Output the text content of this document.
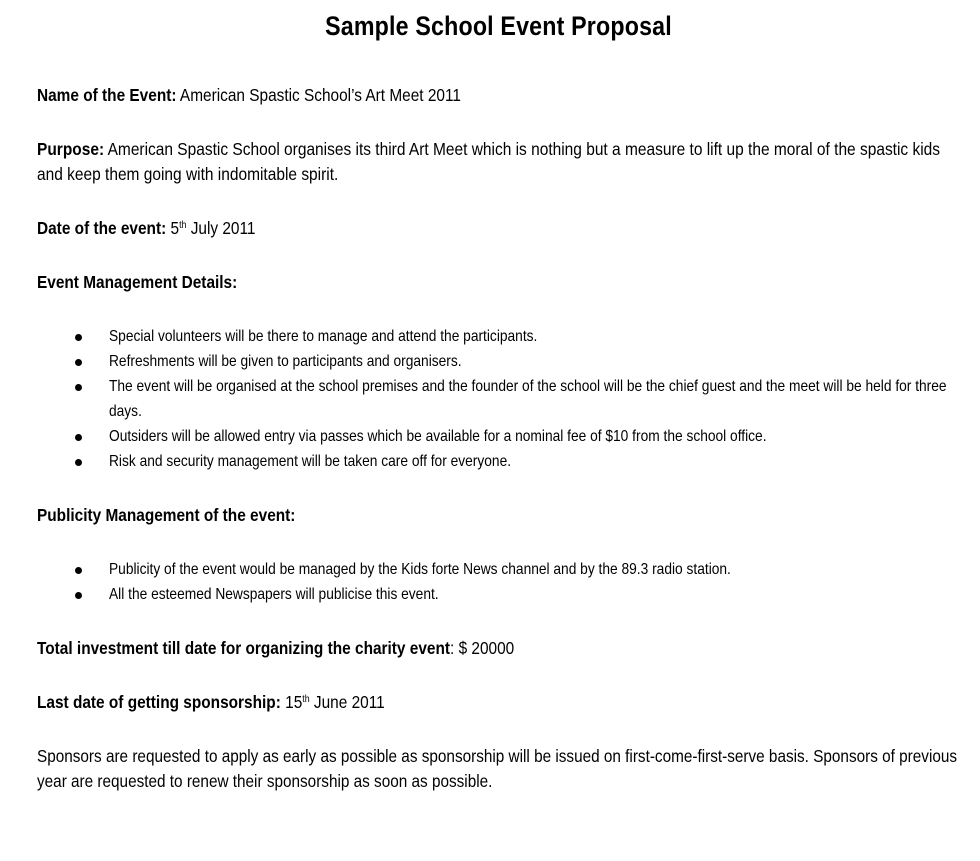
Sample School Event Proposal

Name of the Event: American Spastic School’s Art Meet 2011

Purpose: American Spastic School organises its third Art Meet which is nothing but a measure to lift up the moral of the spastic kids and keep them going with indomitable spirit.

Date of the event: 5th July 2011

Event Management Details:

Special volunteers will be there to manage and attend the participants.
Refreshments will be given to participants and organisers.
The event will be organised at the school premises and the founder of the school will be the chief guest and the meet will be held for three days.
Outsiders will be allowed entry via passes which be available for a nominal fee of $10 from the school office.
Risk and security management will be taken care off for everyone.

Publicity Management of the event:

Publicity of the event would be managed by the Kids forte News channel and by the 89.3 radio station.
All the esteemed Newspapers will publicise this event.

Total investment till date for organizing the charity event: $ 20000

Last date of getting sponsorship: 15th June 2011

Sponsors are requested to apply as early as possible as sponsorship will be issued on first-come-first-serve basis. Sponsors of previous year are requested to renew their sponsorship as soon as possible.
